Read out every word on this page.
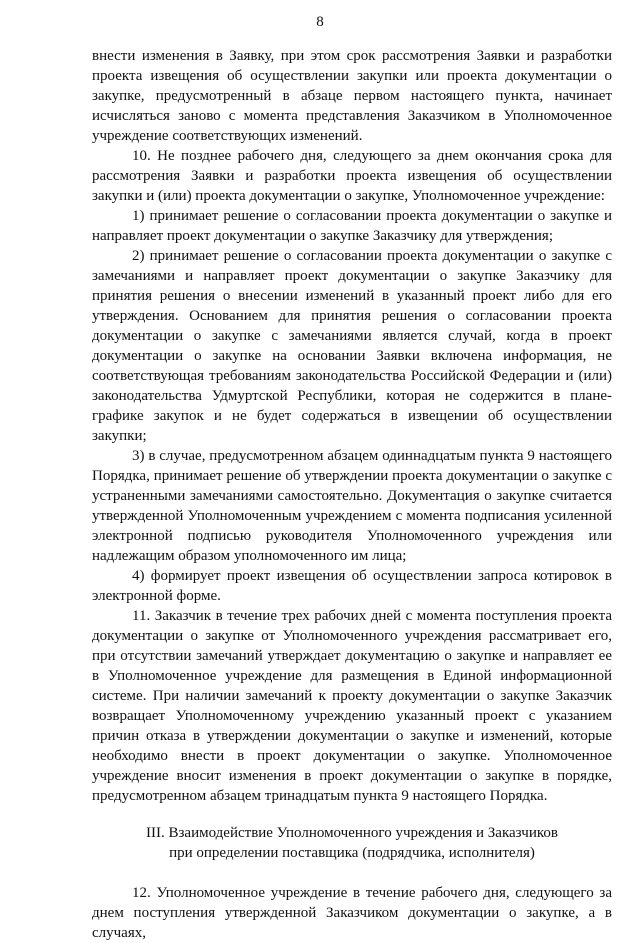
8

внести изменения в Заявку, при этом срок рассмотрения Заявки и разработки проекта извещения об осуществлении закупки или проекта документации о закупке, предусмотренный в абзаце первом настоящего пункта, начинает исчисляться заново с момента представления Заказчиком в Уполномоченное учреждение соответствующих изменений.

10. Не позднее рабочего дня, следующего за днем окончания срока для рассмотрения Заявки и разработки проекта извещения об осуществлении закупки и (или) проекта документации о закупке, Уполномоченное учреждение:

1) принимает решение о согласовании проекта документации о закупке и направляет проект документации о закупке Заказчику для утверждения;

2) принимает решение о согласовании проекта документации о закупке с замечаниями и направляет проект документации о закупке Заказчику для принятия решения о внесении изменений в указанный проект либо для его утверждения. Основанием для принятия решения о согласовании проекта документации о закупке с замечаниями является случай, когда в проект документации о закупке на основании Заявки включена информация, не соответствующая требованиям законодательства Российской Федерации и (или) законодательства Удмуртской Республики, которая не содержится в плане-графике закупок и не будет содержаться в извещении об осуществлении закупки;

3) в случае, предусмотренном абзацем одиннадцатым пункта 9 настоящего Порядка, принимает решение об утверждении проекта документации о закупке с устраненными замечаниями самостоятельно. Документация о закупке считается утвержденной Уполномоченным учреждением с момента подписания усиленной электронной подписью руководителя Уполномоченного учреждения или надлежащим образом уполномоченного им лица;

4) формирует проект извещения об осуществлении запроса котировок в электронной форме.

11. Заказчик в течение трех рабочих дней с момента поступления проекта документации о закупке от Уполномоченного учреждения рассматривает его, при отсутствии замечаний утверждает документацию о закупке и направляет ее в Уполномоченное учреждение для размещения в Единой информационной системе. При наличии замечаний к проекту документации о закупке Заказчик возвращает Уполномоченному учреждению указанный проект с указанием причин отказа в утверждении документации о закупке и изменений, которые необходимо внести в проект документации о закупке. Уполномоченное учреждение вносит изменения в проект документации о закупке в порядке, предусмотренном абзацем тринадцатым пункта 9 настоящего Порядка.

III. Взаимодействие Уполномоченного учреждения и Заказчиков
при определении поставщика (подрядчика, исполнителя)

12. Уполномоченное учреждение в течение рабочего дня, следующего за днем поступления утвержденной Заказчиком документации о закупке, а в случаях,
